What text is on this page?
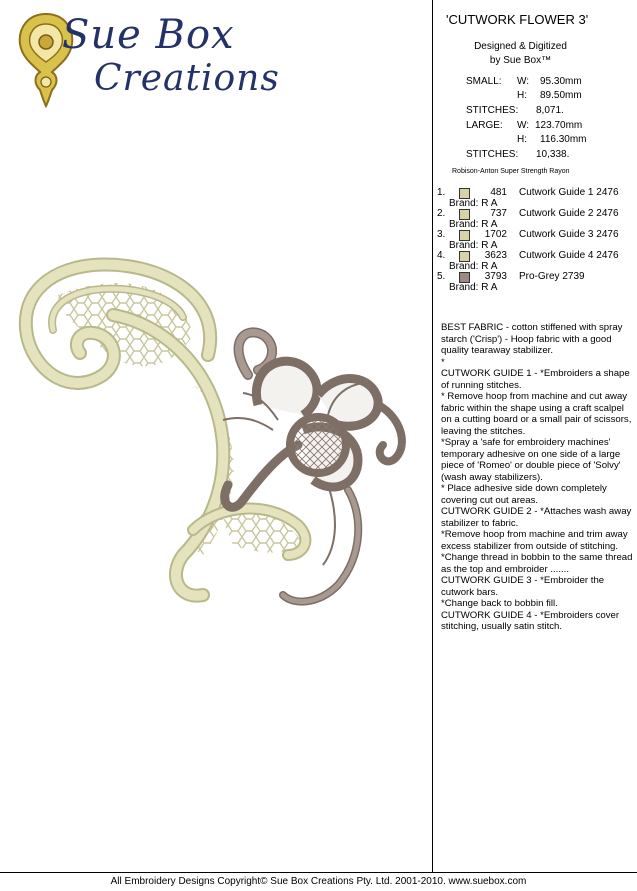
Sue Box
Creations
'CUTWORK FLOWER 3'
Designed & Digitized
by Sue Box™
SMALL: W: 95.30mm
H: 89.50mm
STITCHES: 8,071.
LARGE: W: 123.70mm
H: 116.30mm
STITCHES: 10,338.
Robison-Anton Super Strength Rayon
1.	481 Cutwork Guide 1 2476
Brand: R A
2.	737 Cutwork Guide 2 2476
Brand: R A
3.	1702 Cutwork Guide 3 2476
Brand: R A
4.	3623 Cutwork Guide 4 2476
Brand: R A
5.	3793 Pro-Grey 2739
Brand: R A

BEST FABRIC - cotton stiffened with spray starch ('Crisp') - Hoop fabric with a good quality tearaway stabilizer.

*

CUTWORK GUIDE 1 - *Embroiders a shape of running stitches.

* Remove hoop from machine and cut away fabric within the shape using a craft scalpel on a cutting board or a small pair of scissors, leaving the stitches.

*Spray a 'safe for embroidery machines' temporary adhesive on one side of a large piece of 'Romeo' or double piece of 'Solvy' (wash away stabilizers).

* Place adhesive side down completely covering cut out areas.

CUTWORK GUIDE 2 - *Attaches wash away stabilizer to fabric.

*Remove hoop from machine and trim away excess stabilizer from outside of stitching.

*Change thread in bobbin to the same thread as the top and embroider .......

CUTWORK GUIDE 3 - *Embroider the cutwork bars.

*Change back to bobbin fill.

CUTWORK GUIDE 4 - *Embroiders cover stitching, usually satin stitch.

All Embroidery Designs Copyright© Sue Box Creations Pty. Ltd. 2001-2010. www.suebox.com
